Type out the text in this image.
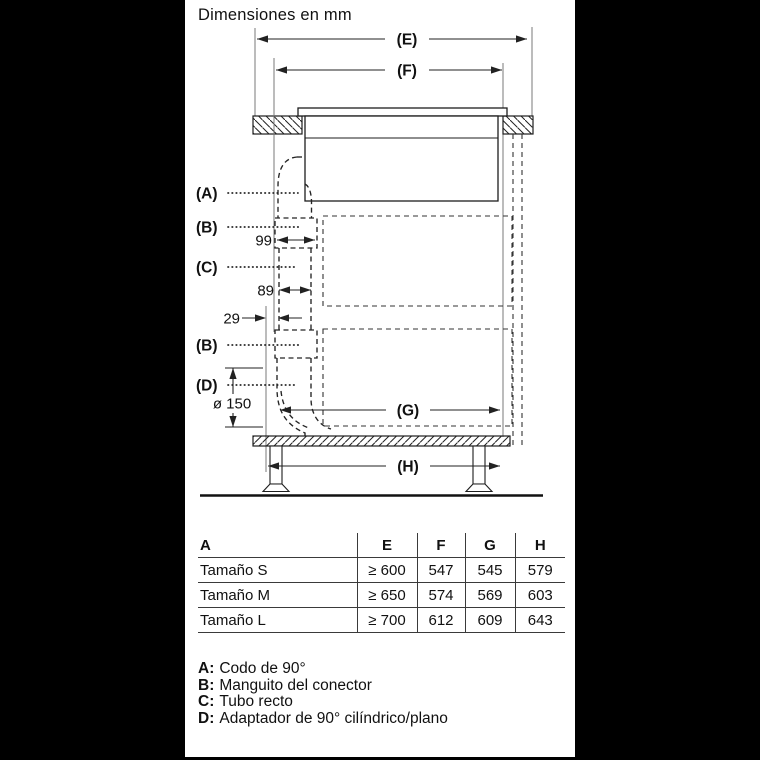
Dimensiones en mm
(E)
(F)
(A)
(B)
(C)
(B)
(D)
99
89
29
ø 150	(G)
(H)
A	E	F	G	H
Tamaño S	≥ 600	547	545	579
Tamaño M	≥ 650	574	569	603
Tamaño L	≥ 700	612	609	643
A: Codo de 90°
B: Manguito del conector
C: Tubo recto
D: Adaptador de 90° cilíndrico/plano
